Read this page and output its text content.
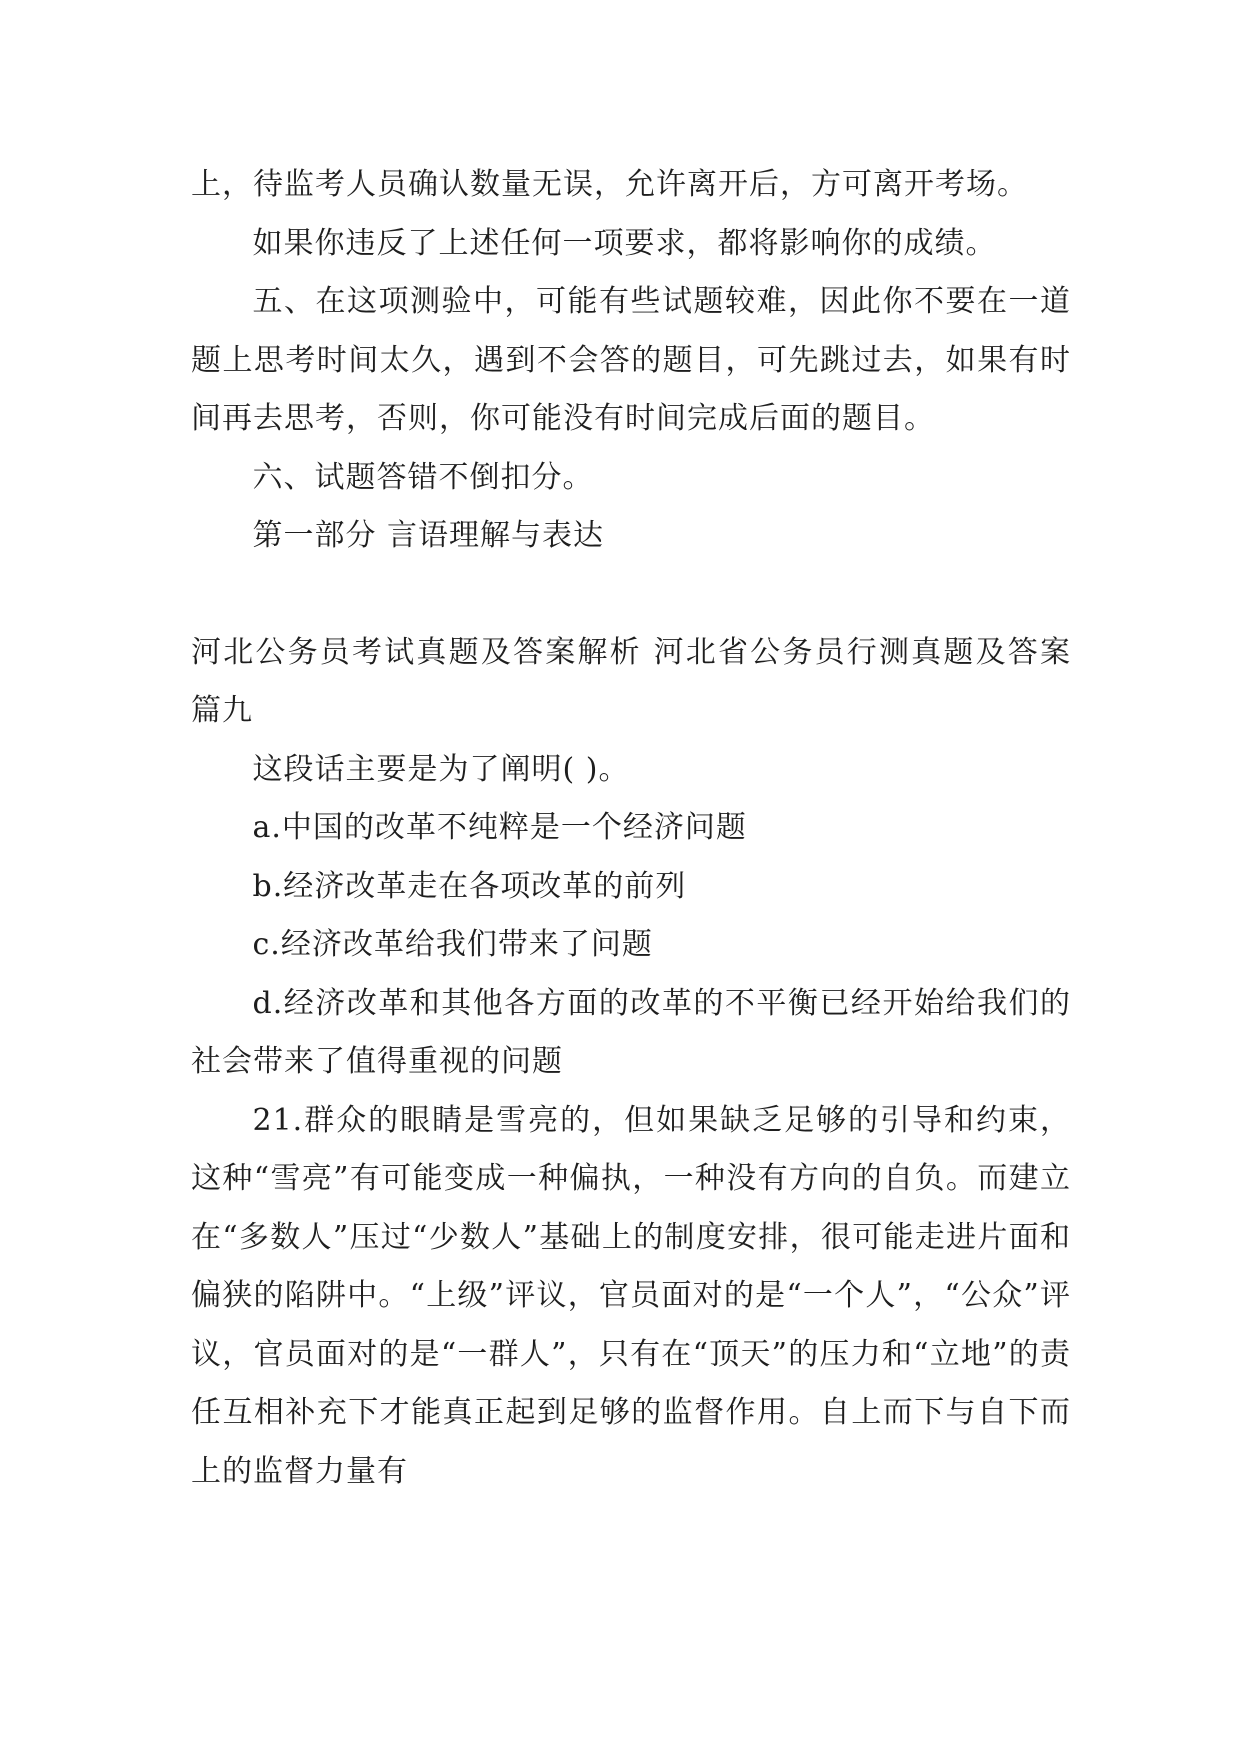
上，待监考人员确认数量无误，允许离开后，方可离开考场。

如果你违反了上述任何一项要求，都将影响你的成绩。

五、在这项测验中，可能有些试题较难，因此你不要在一道题上思考时间太久，遇到不会答的题目，可先跳过去，如果有时间再去思考，否则，你可能没有时间完成后面的题目。

六、试题答错不倒扣分。

第一部分 言语理解与表达

河北公务员考试真题及答案解析 河北省公务员行测真题及答案 篇九

这段话主要是为了阐明( )。

a.中国的改革不纯粹是一个经济问题

b.经济改革走在各项改革的前列

c.经济改革给我们带来了问题

d.经济改革和其他各方面的改革的不平衡已经开始给我们的社会带来了值得重视的问题

21.群众的眼睛是雪亮的，但如果缺乏足够的引导和约束，这种“雪亮”有可能变成一种偏执，一种没有方向的自负。而建立在“多数人”压过“少数人”基础上的制度安排，很可能走进片面和偏狭的陷阱中。“上级”评议，官员面对的是“一个人”，“公众”评议，官员面对的是“一群人”，只有在“顶天”的压力和“立地”的责任互相补充下才能真正起到足够的监督作用。自上而下与自下而上的监督力量有
